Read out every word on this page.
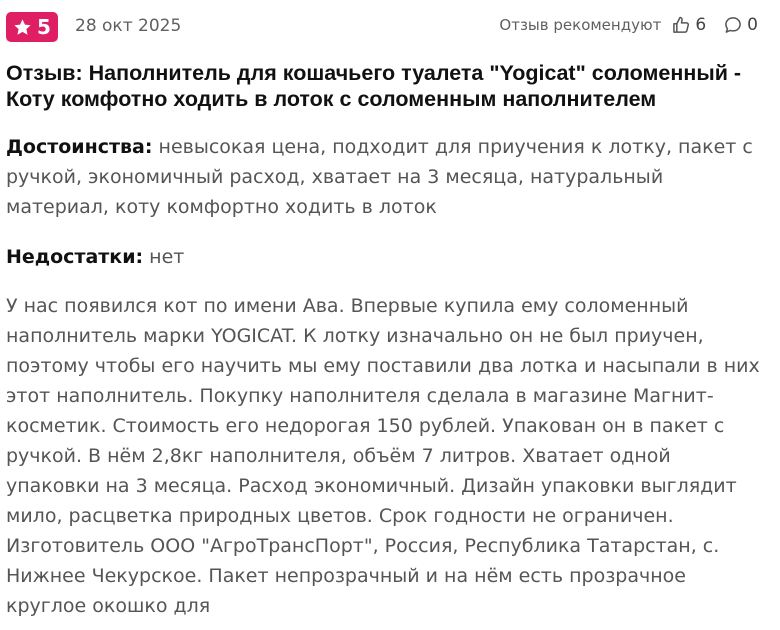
5 28 окт 2025	Отзыв рекомендуют 6 0
Отзыв: Наполнитель для кошачьего туалета "Yogicat" соломенный - Коту комфотно ходить в лоток с соломенным наполнителем
Достоинства: невысокая цена, подходит для приучения к лотку, пакет с ручкой, экономичный расход, хватает на 3 месяца, натуральный материал, коту комфортно ходить в лоток
Недостатки: нет

У нас появился кот по имени Ава. Впервые купила ему соломенный наполнитель марки YOGICAT. К лотку изначально он не был приучен, поэтому чтобы его научить мы ему поставили два лотка и насыпали в них этот наполнитель. Покупку наполнителя сделала в магазине Магнит-косметик. Стоимость его недорогая 150 рублей. Упакован он в пакет с ручкой. В нём 2,8кг наполнителя, объём 7 литров. Хватает одной упаковки на 3 месяца. Расход экономичный. Дизайн упаковки выглядит мило, расцветка природных цветов. Срок годности не ограничен. Изготовитель ООО "АгроТрансПорт", Россия, Республика Татарстан, с. Нижнее Чекурское. Пакет непрозрачный и на нём есть прозрачное круглое окошко для
